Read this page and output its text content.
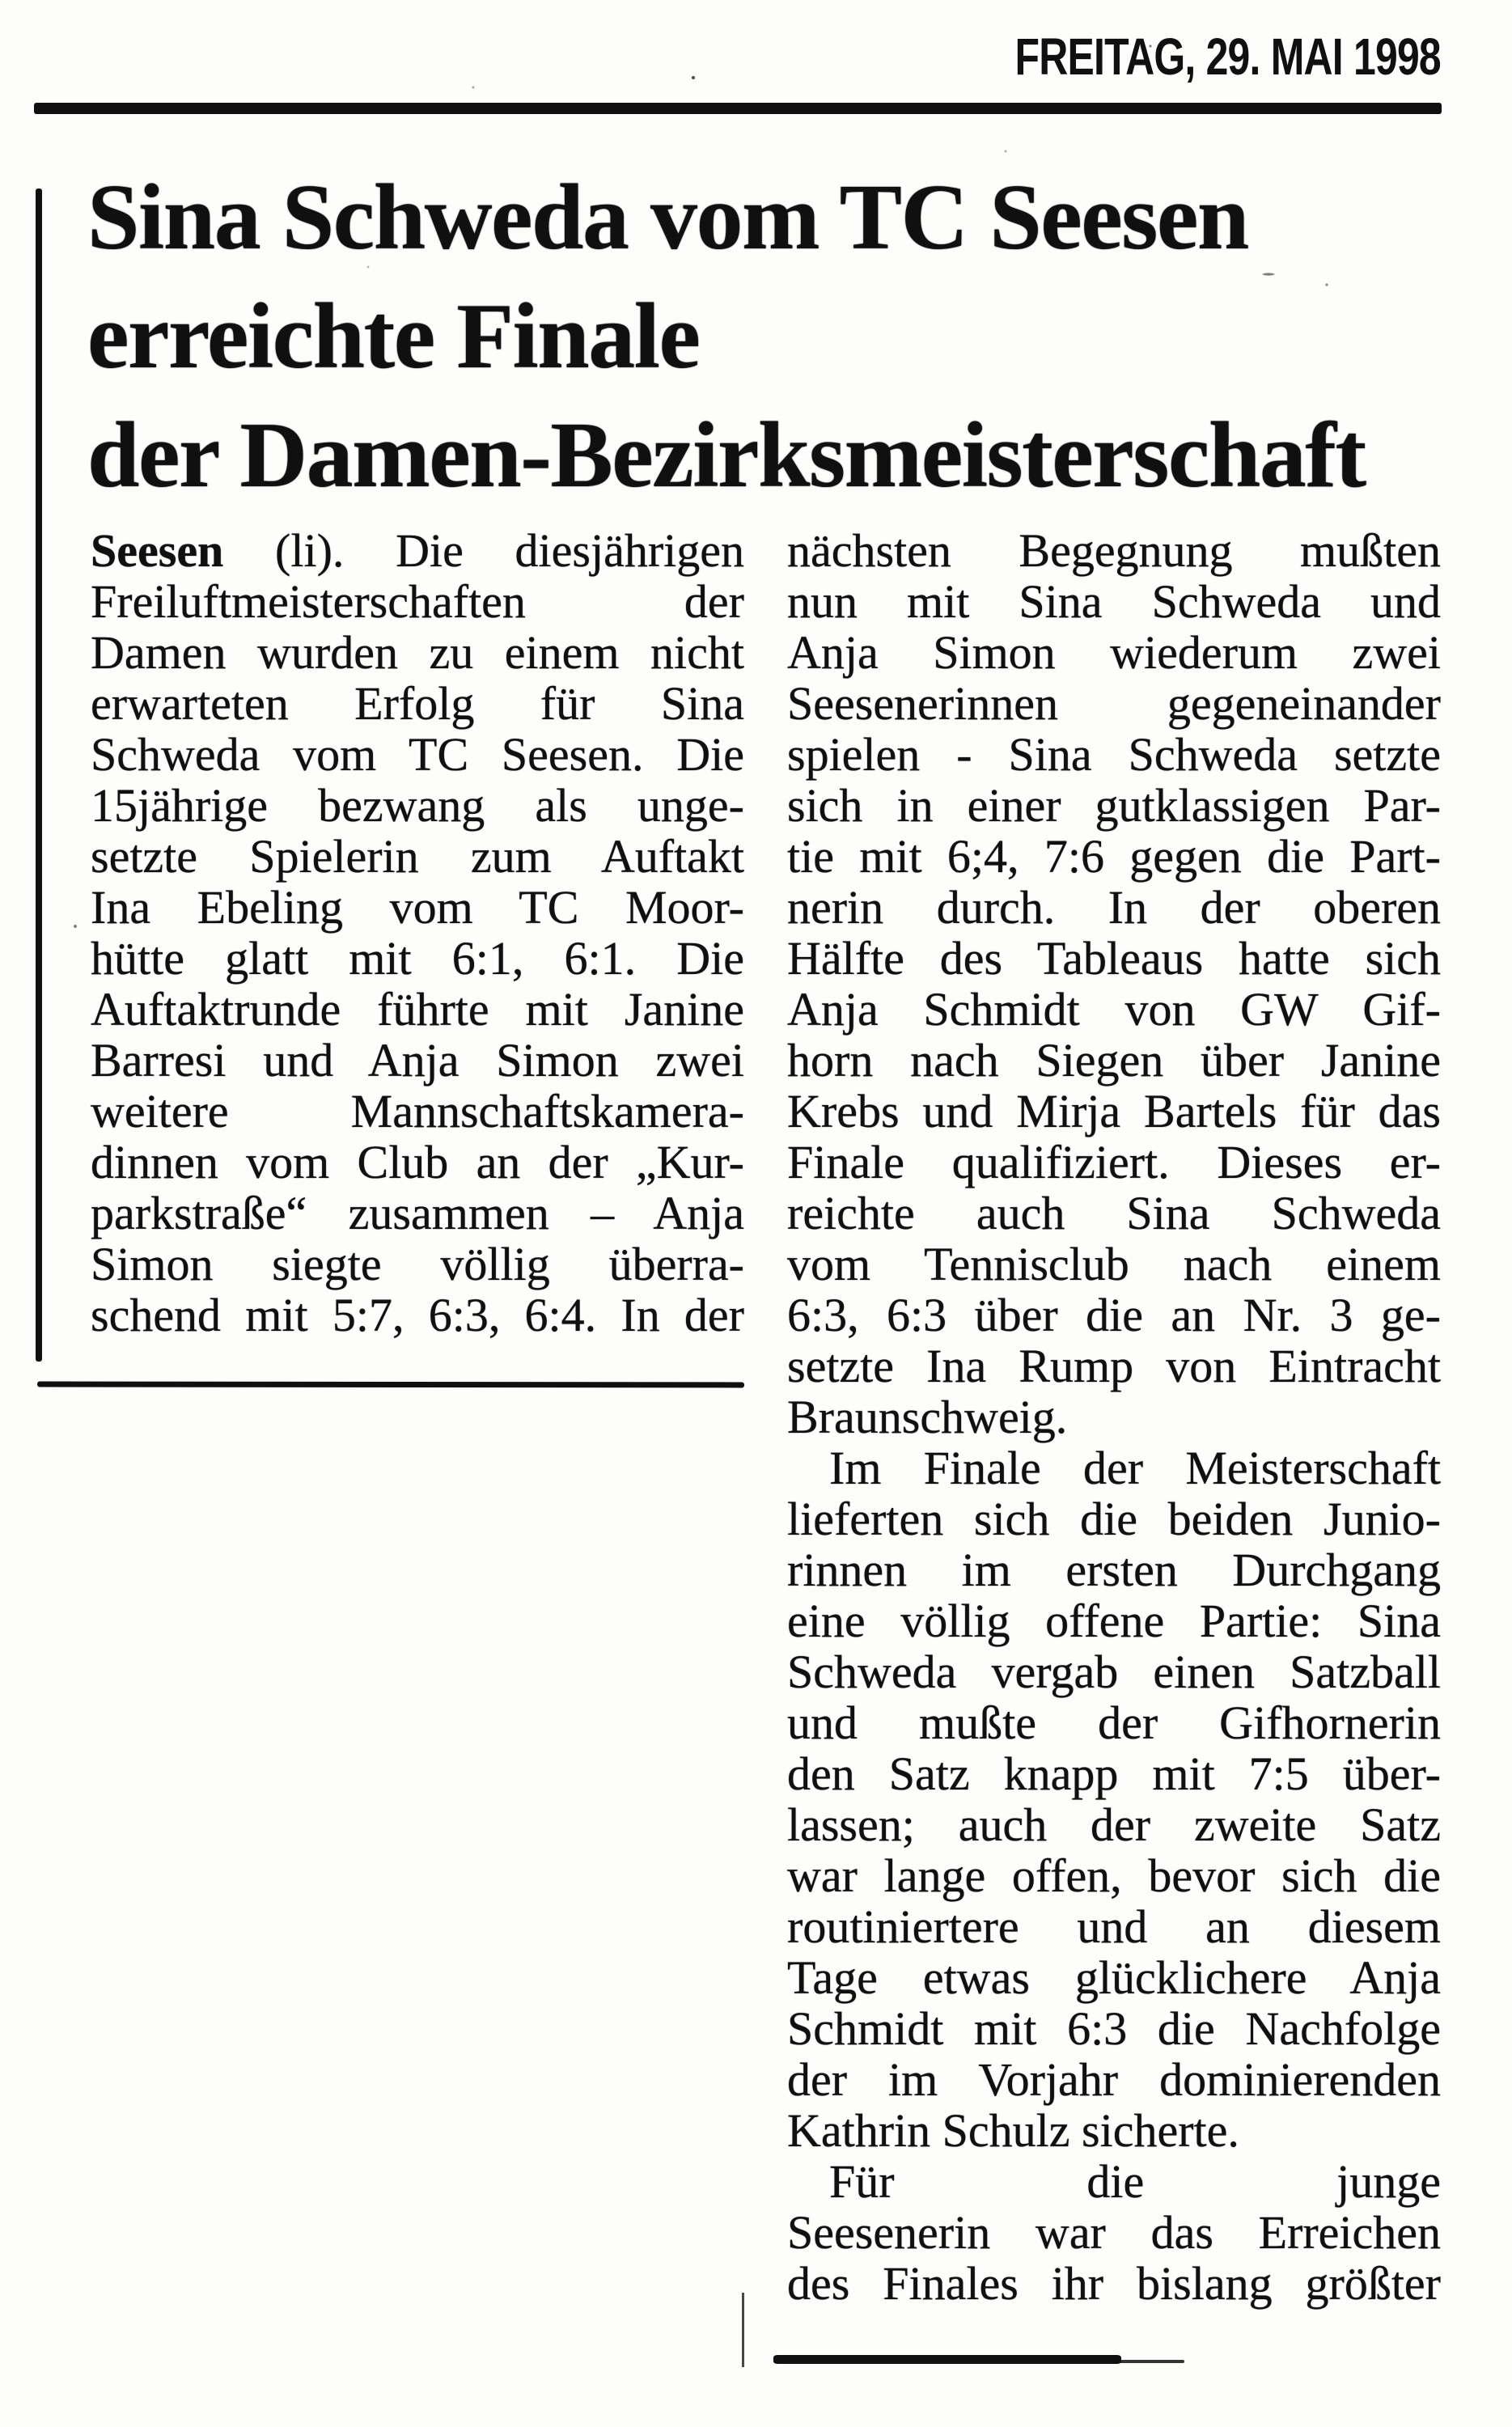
FREITAG, 29. MAI 1998
Sina Schweda vom TC Seesen
erreichte Finale
der Damen-Bezirksmeisterschaft
Seesen (li). Die diesjährigen
Freiluftmeisterschaften der
Damen wurden zu einem nicht
erwarteten Erfolg für Sina
Schweda vom TC Seesen. Die
15jährige bezwang als unge-
setzte Spielerin zum Auftakt
Ina Ebeling vom TC Moor-
hütte glatt mit 6:1, 6:1. Die
Auftaktrunde führte mit Janine
Barresi und Anja Simon zwei
weitere Mannschaftskamera-
dinnen vom Club an der „Kur-
parkstraße“ zusammen – Anja
Simon siegte völlig überra-
schend mit 5:7, 6:3, 6:4. In der
nächsten Begegnung mußten
nun mit Sina Schweda und
Anja Simon wiederum zwei
Seesenerinnen gegeneinander
spielen - Sina Schweda setzte
sich in einer gutklassigen Par-
tie mit 6;4, 7:6 gegen die Part-
nerin durch. In der oberen
Hälfte des Tableaus hatte sich
Anja Schmidt von GW Gif-
horn nach Siegen über Janine
Krebs und Mirja Bartels für das
Finale qualifiziert. Dieses er-
reichte auch Sina Schweda
vom Tennisclub nach einem
6:3, 6:3 über die an Nr. 3 ge-
setzte Ina Rump von Eintracht
Braunschweig.
Im Finale der Meisterschaft
lieferten sich die beiden Junio-
rinnen im ersten Durchgang
eine völlig offene Partie: Sina
Schweda vergab einen Satzball
und mußte der Gifhornerin
den Satz knapp mit 7:5 über-
lassen; auch der zweite Satz
war lange offen, bevor sich die
routiniertere und an diesem
Tage etwas glücklichere Anja
Schmidt mit 6:3 die Nachfolge
der im Vorjahr dominierenden
Kathrin Schulz sicherte.
Für die junge
Seesenerin war das Erreichen
des Finales ihr bislang größter
